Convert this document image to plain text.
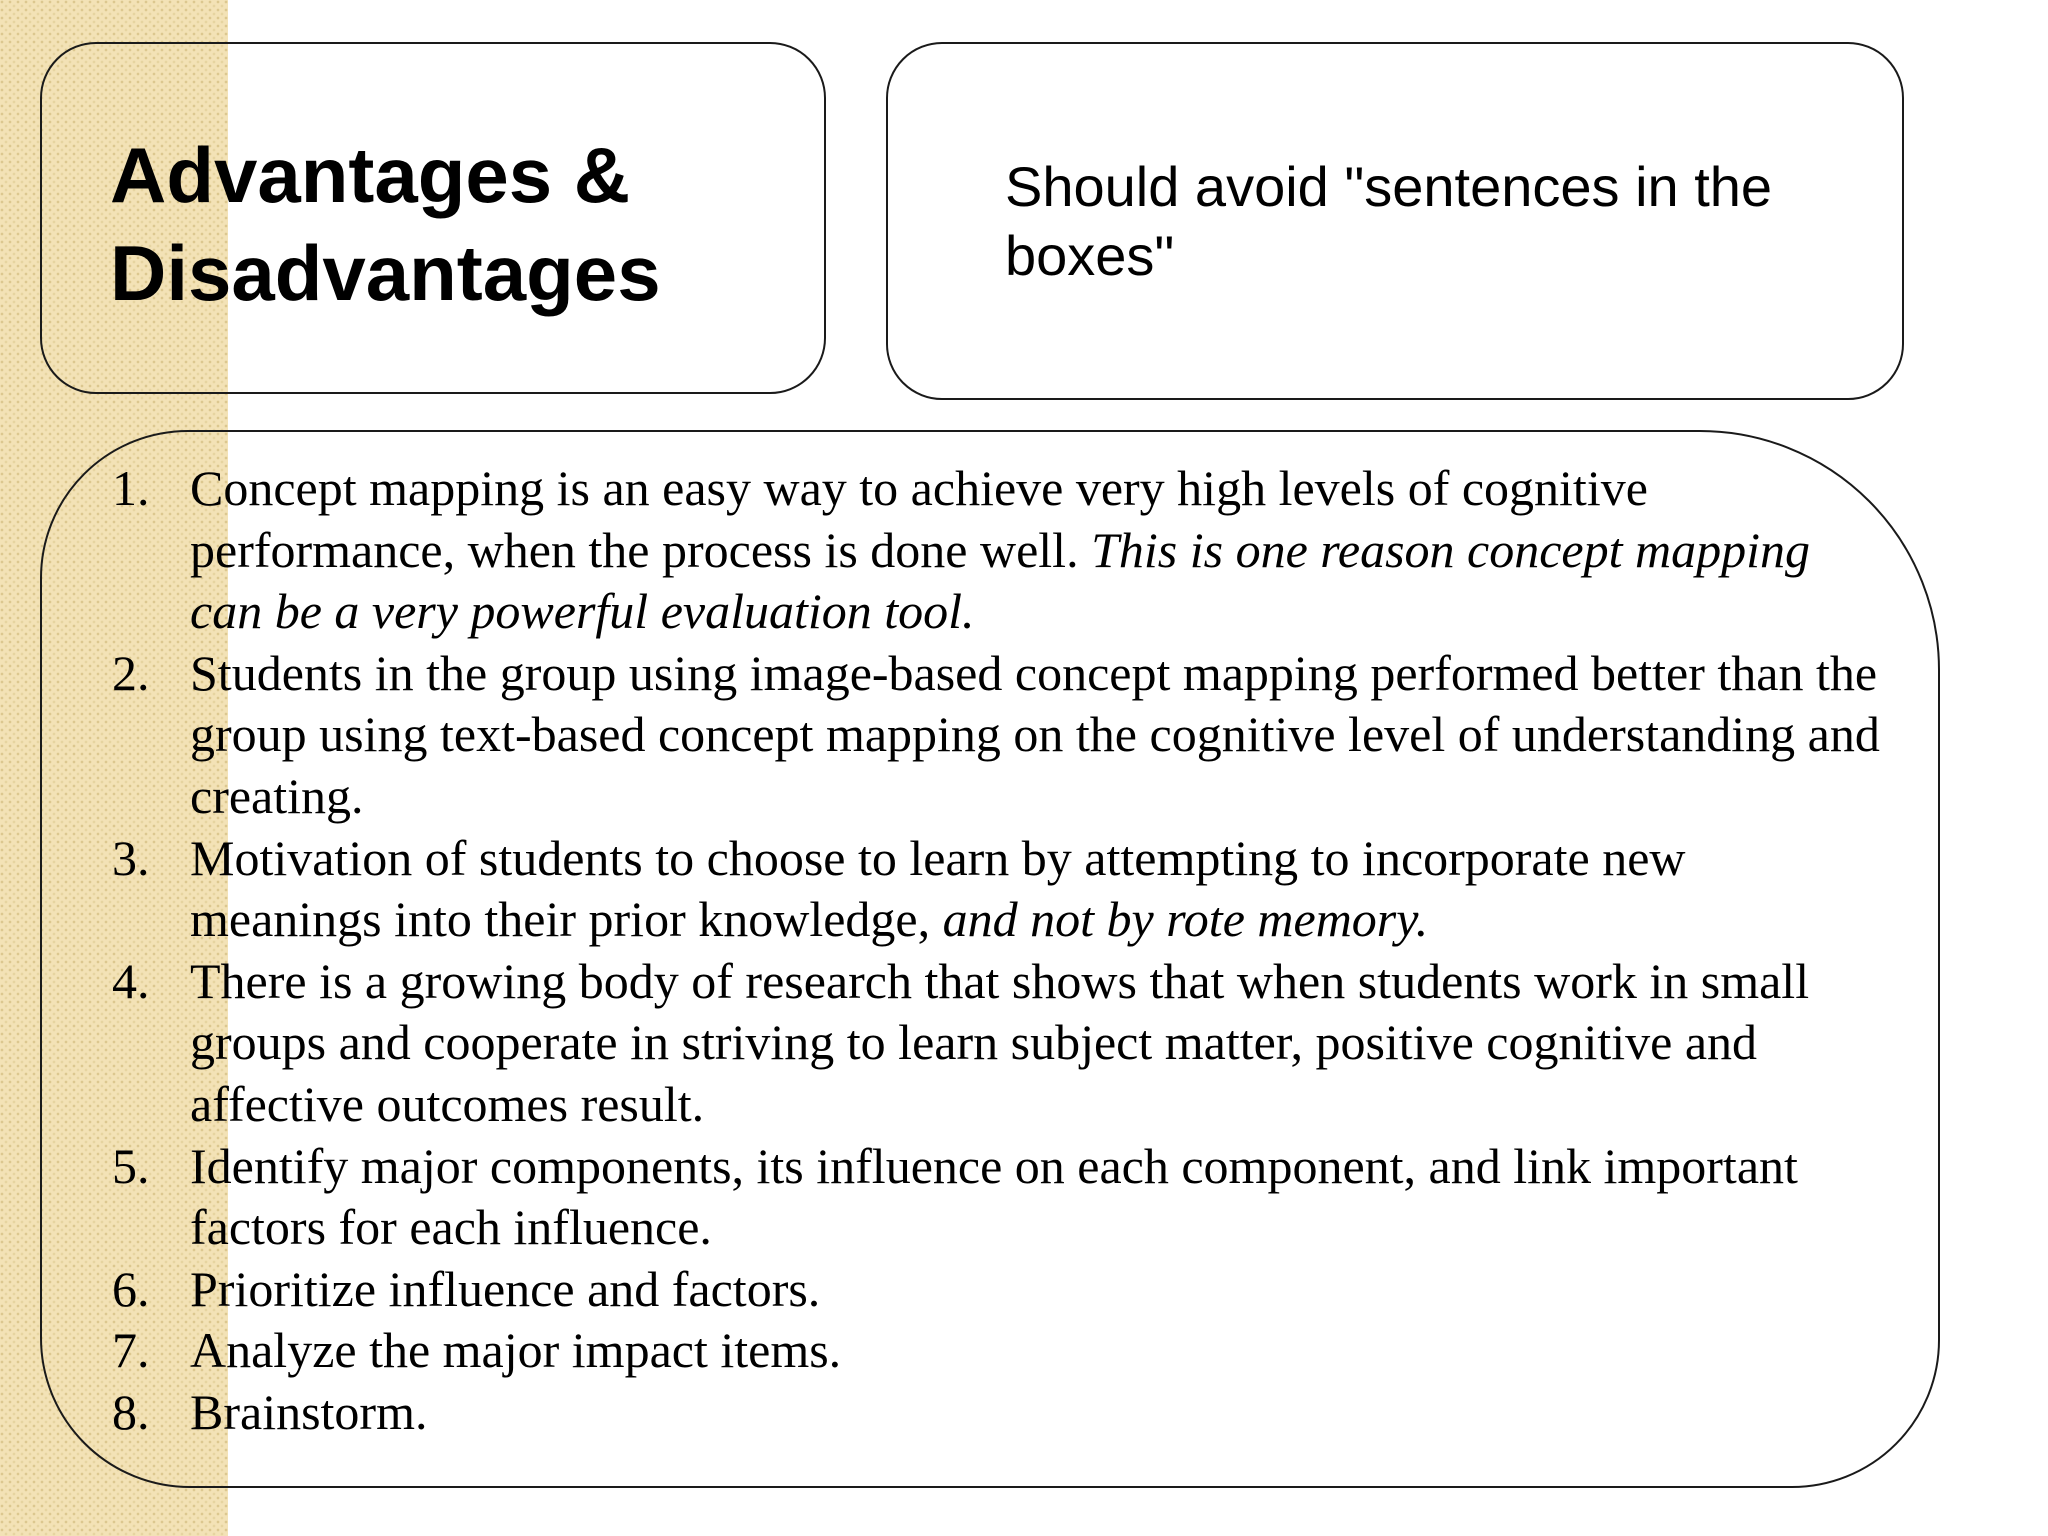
Advantages &
Disadvantages

Should avoid "sentences in the boxes"

1. Concept mapping is an easy way to achieve very high levels of cognitive performance, when the process is done well. This is one reason concept mapping can be a very powerful evaluation tool.
2. Students in the group using image-based concept mapping performed better than the group using text-based concept mapping on the cognitive level of understanding and creating.
3. Motivation of students to choose to learn by attempting to incorporate new meanings into their prior knowledge, and not by rote memory.
4. There is a growing body of research that shows that when students work in small groups and cooperate in striving to learn subject matter, positive cognitive and affective outcomes result.
5. Identify major components, its influence on each component, and link important factors for each influence.
6. Prioritize influence and factors.
7. Analyze the major impact items.
8. Brainstorm.
